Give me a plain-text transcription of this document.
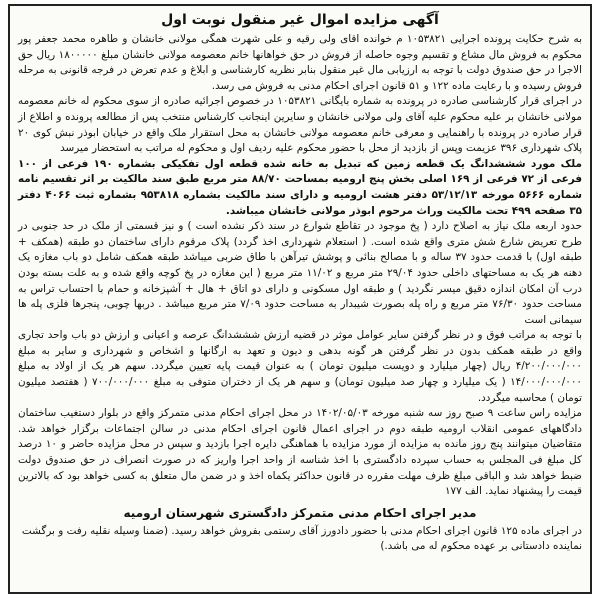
آگهی مزایده اموال غیر منقول نوبت اول

به شرح حکایت پرونده اجرایی ۱۰۵۳۸۲۱ م خوانده اقای ولی رقیه و علی شهرت همگی مولانی خانشان و طاهره محمد جعفر پور محکوم به فروش مال مشاع و تقسیم وجوه حاصله از فروش در حق خواهانها خانم معصومه مولانی خانشان مبلغ ۱۸۰۰۰۰۰ ریال حق الاجرا در حق صندوق دولت با توجه به ارزیابی مال غیر منقول بنابر نظریه کارشناسی و ابلاغ و عدم تعرض در فرجه قانونی به مرحله فروش رسیده و با رعایت ماده ۱۲۲ و ۵۱ قانون اجرای احکام مدنی به فروش می رسد.

در اجرای قرار کارشناسی صادره در پرونده به شماره بایگانی ۱۰۵۳۸۲۱ در خصوص اجرائیه صادره از سوی محکوم له خانم معصومه مولانی خانشان بر علیه محکوم علیه آقای ولی مولانی خانشان و سایرین اینجانب کارشناس منتخب پس از مطالعه پرونده و اطلاع از قرار صادره در پرونده با راهنمایی و معرفی خانم معصومه مولانی خانشان به محل استقرار ملک واقع در خیابان ابوذر نبش کوی ۲۰ پلاک شهرداری ۳۹۶ عزیمت وپس از بازدید از محل با حضور محکوم علیه ردیف اول و محکوم له مراتب به استحضار میرسد

ملک مورد شششدانگ یک قطعه زمین که تبدیل به خانه شده قطعه اول تفکیکی بشماره ۱۹۰ فرعی از ۱۰۰ فرعی از ۷۲ فرعی از ۱۶۹ اصلی بخش پنج ارومیه بمساحت ۸۸/۷۰ متر مربع طبق سند مالکیت بر اثر تقسیم نامه شماره ۵۶۶۶ مورخه ۵۳/۱۲/۱۳ دفتر هشت ارومیه و دارای سند مالکیت بشماره ۹۵۳۸۱۸ بشماره ثبت ۴۰۶۶ دفتر ۳۵ صفحه ۴۹۹ تحت مالکیت وراث مرحوم ابوذر مولانی خانشان میباشد.

حدود اربعه ملک نیاز به اصلاح دارد ( پخ موجود در تقاطع شوارع در سند ذکر نشده است ) و نیز قسمتی از ملک در حد جنوبی در طرح تعریض شارع شش متری واقع شده است. ( استعلام شهرداری اخذ گردد) پلاک مرقوم دارای ساختمان دو طبقه (همکف + طبقه اول) با قدمت حدود ۳۷ ساله و با مصالح بنائی و پوشش تیرآهن با طاق ضربی میباشد طبقه همکف شامل دو باب مغازه یک دهنه هر یک به مساحتهای داخلی حدود ۲۹/۰۴ متر مربع و ۱۱/۰۲ متر مربع ( این مغازه در پخ کوچه واقع شده و به علت بسته بودن درب آن امکان اندازه دقیق میسر نگردید ) و طبقه اول مسکونی و دارای دو اتاق + هال + آشپزخانه و حمام با احتساب تراس به مساحت حدود ۷۶/۳۰ متر مربع و راه پله بصورت شیبدار به مساحت حدود ۷/۰۹ متر مربع میباشد . دربها چوبی، پنجرها فلزی پله ها سیمانی است

با توجه به مراتب فوق و در نظر گرفتن سایر عوامل موثر در قضیه ارزش شششدانگ عرصه و اعیانی و ارزش دو باب واحد تجاری واقع در طبقه همکف بدون در نظر گرفتن هر گونه بدهی و دیون و تعهد به ارگانها و اشخاص و شهرداری و سایر به مبلغ ۴/۲۰۰/۰۰۰/۰۰۰ ریال (چهار میلیارد و دویست میلیون تومان ) به عنوان قیمت پایه تعیین میگردد. سهم هر یک از اولاد به مبلغ ۱۴/۰۰۰/۰۰۰/۰۰۰ ( یک میلیارد و چهار صد میلیون تومان) و سهم هر یک از دختران متوفی به مبلغ ۷۰۰/۰۰۰/۰۰۰ ( هفتصد میلیون تومان ) محاسبه میگردد.

مزایده راس ساعت ۹ صبح روز سه شنبه مورخه ۱۴۰۲/۰۵/۰۳ در محل اجرای احکام مدنی متمرکز واقع در بلوار دستغیب ساختمان دادگاههای عمومی انقلاب ارومیه طبقه دوم در اجرای اعمال قانون اجرای احکام مدنی در سالن اجتماعات برگزار خواهد شد. متقاضیان میتوانند پنج روز مانده به مزایده از مورد مزایده با هماهنگی دایره اجرا بازدید و سپس در محل مزایده حاضر و ۱۰ درصد کل مبلغ فی المجلس به حساب سپرده دادگستری با اخذ شناسه از واحد اجرا واریز که در صورت انصراف در حق صندوق دولت ضبط خواهد شد و الباقی مبلغ ظرف مهلت مقرره در قانون حداکثر یکماه اخذ و در ضمن مال متعلق به کسی خواهد بود که بالاترین قیمت را پیشنهاد نماید. الف ۱۷۷

مدیر اجرای احکام مدنی متمرکز دادگستری شهرستان ارومیه

در اجرای ماده ۱۲۵ قانون اجرای احکام مدنی با حضور دادورز آقای رستمی بفروش خواهد رسید. (ضمنا وسیله نقلیه رفت و برگشت نماینده دادستانی بر عهده محکوم له می باشد.)
